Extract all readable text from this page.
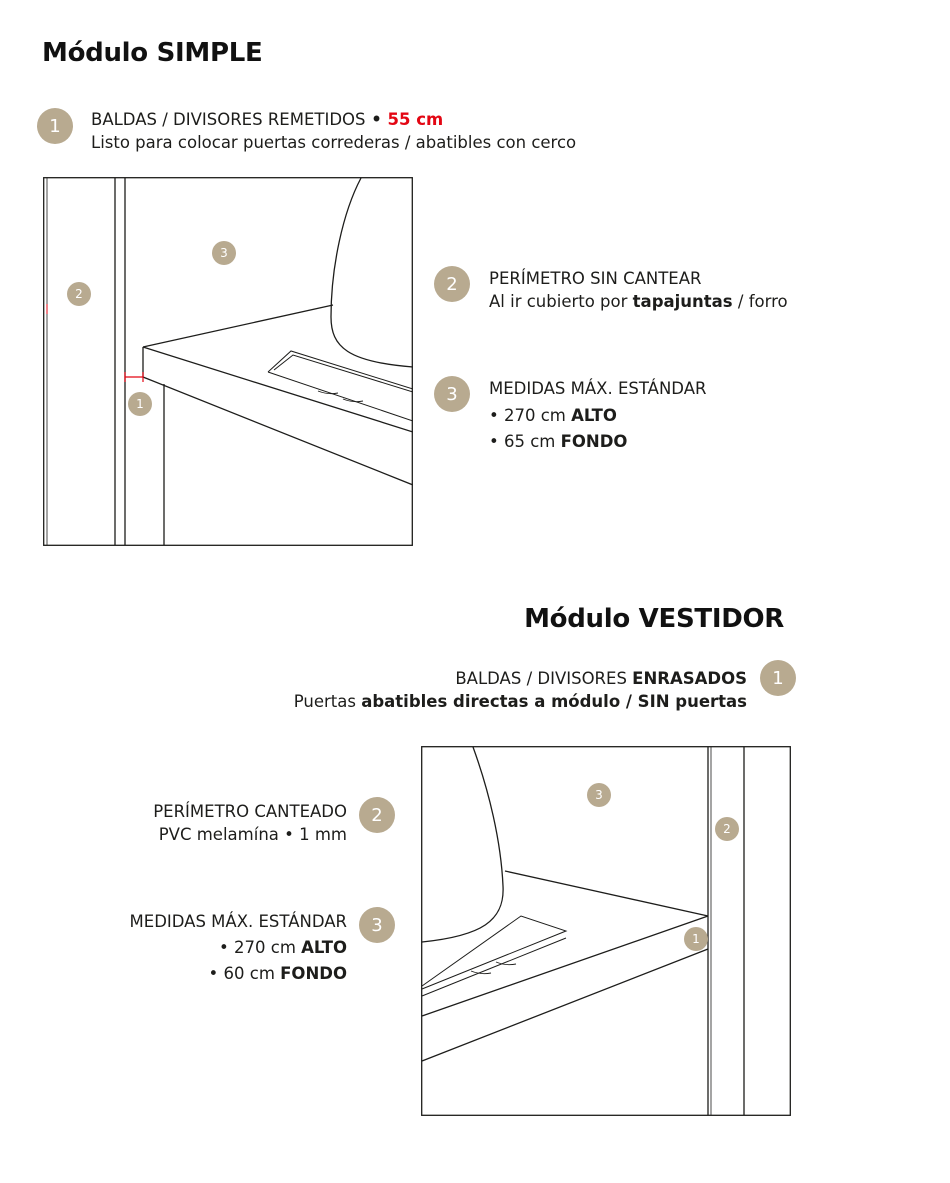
Módulo SIMPLE
1	BALDAS / DIVISORES REMETIDOS • 55 cm
Listo para colocar puertas correderas / abatibles con cerco
2
3
1
2	PERÍMETRO SIN CANTEAR
Al ir cubierto por tapajuntas / forro
3	MEDIDAS MÁX. ESTÁNDAR
• 270 cm ALTO
• 65 cm FONDO
Módulo VESTIDOR
BALDAS / DIVISORES ENRASADOS
Puertas abatibles directas a módulo / SIN puertas
1
PERÍMETRO CANTEADO
PVC melamína • 1 mm
2
MEDIDAS MÁX. ESTÁNDAR
• 270 cm ALTO
• 60 cm FONDO
3
3
2
1
